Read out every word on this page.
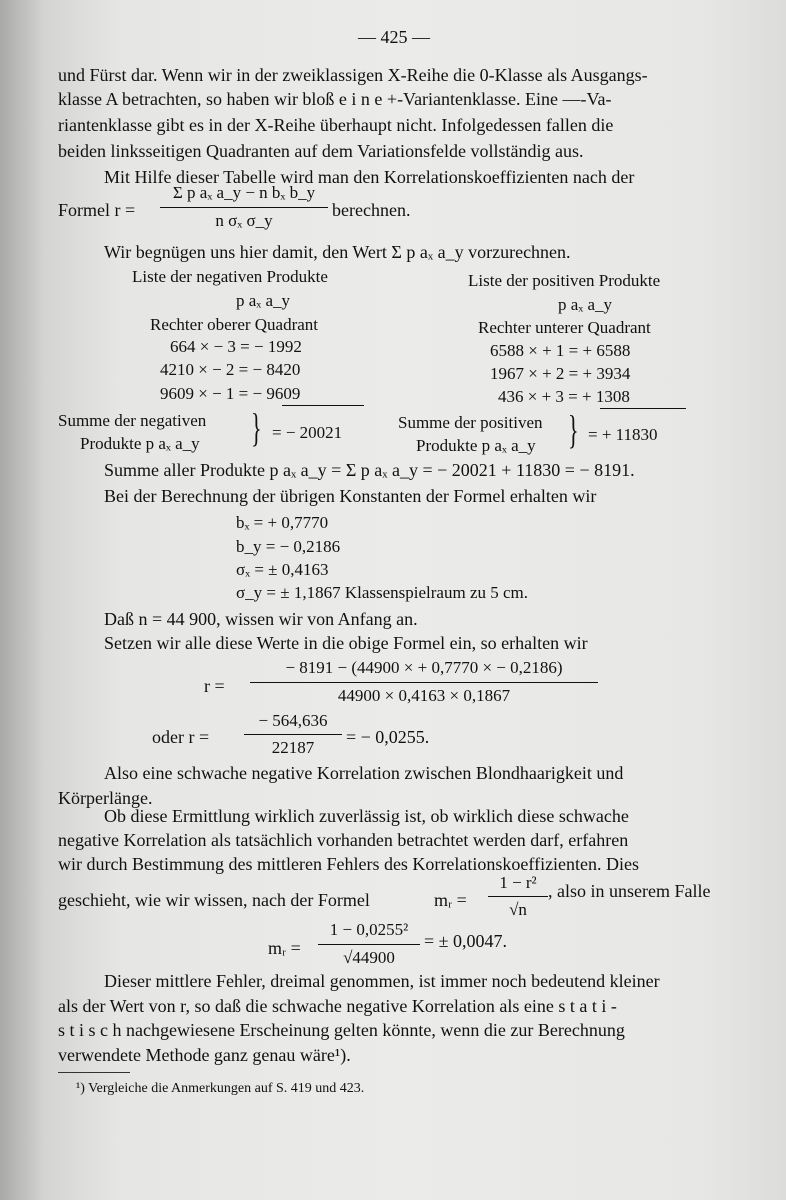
— 425 —
und Fürst dar. Wenn wir in der zweiklassigen X-Reihe die 0-Klasse als Ausgangs-
klasse A betrachten, so haben wir bloß e i n e +-Variantenklasse. Eine —-Va-
riantenklasse gibt es in der X-Reihe überhaupt nicht. Infolgedessen fallen die
beiden linksseitigen Quadranten auf dem Variationsfelde vollständig aus.
Mit Hilfe dieser Tabelle wird man den Korrelationskoeffizienten nach der
Formel r =
Σ p aₓ a_y − n bₓ b_y
n σₓ σ_y
berechnen.
Wir begnügen uns hier damit, den Wert Σ p aₓ a_y vorzurechnen.
Liste der negativen Produkte
p aₓ a_y
Rechter oberer Quadrant
664 × − 3 = − 1992
4210 × − 2 = − 8420
9609 × − 1 = − 9609
Summe der negativen
Produkte p aₓ a_y } = − 20021
Liste der positiven Produkte
p aₓ a_y
Rechter unterer Quadrant
6588 × + 1 = + 6588
1967 × + 2 = + 3934
436 × + 3 = + 1308
Summe der positiven
Produkte p aₓ a_y } = + 11830
Summe aller Produkte p aₓ a_y = Σ p aₓ a_y = − 20021 + 11830 = − 8191.
Bei der Berechnung der übrigen Konstanten der Formel erhalten wir
bₓ = + 0,7770
b_y = − 0,2186
σₓ = ± 0,4163
σ_y = ± 1,1867 Klassenspielraum zu 5 cm.
Daß n = 44 900, wissen wir von Anfang an.
Setzen wir alle diese Werte in die obige Formel ein, so erhalten wir
r =
− 8191 − (44900 × + 0,7770 × − 0,2186)
44900 × 0,4163 × 0,1867
oder r =
− 564,636
22187
= − 0,0255.
Also eine schwache negative Korrelation zwischen Blondhaarigkeit und
Körperlänge.
Ob diese Ermittlung wirklich zuverlässig ist, ob wirklich diese schwache
negative Korrelation als tatsächlich vorhanden betrachtet werden darf, erfahren
wir durch Bestimmung des mittleren Fehlers des Korrelationskoeffizienten. Dies
geschieht, wie wir wissen, nach der Formel	mᵣ =
1 − r²
√n
, also in unserem Falle
mᵣ =
1 − 0,0255²
√44900
= ± 0,0047.
Dieser mittlere Fehler, dreimal genommen, ist immer noch bedeutend kleiner
als der Wert von r, so daß die schwache negative Korrelation als eine s t a t i -
s t i s c h nachgewiesene Erscheinung gelten könnte, wenn die zur Berechnung
verwendete Methode ganz genau wäre¹).
¹) Vergleiche die Anmerkungen auf S. 419 und 423.
